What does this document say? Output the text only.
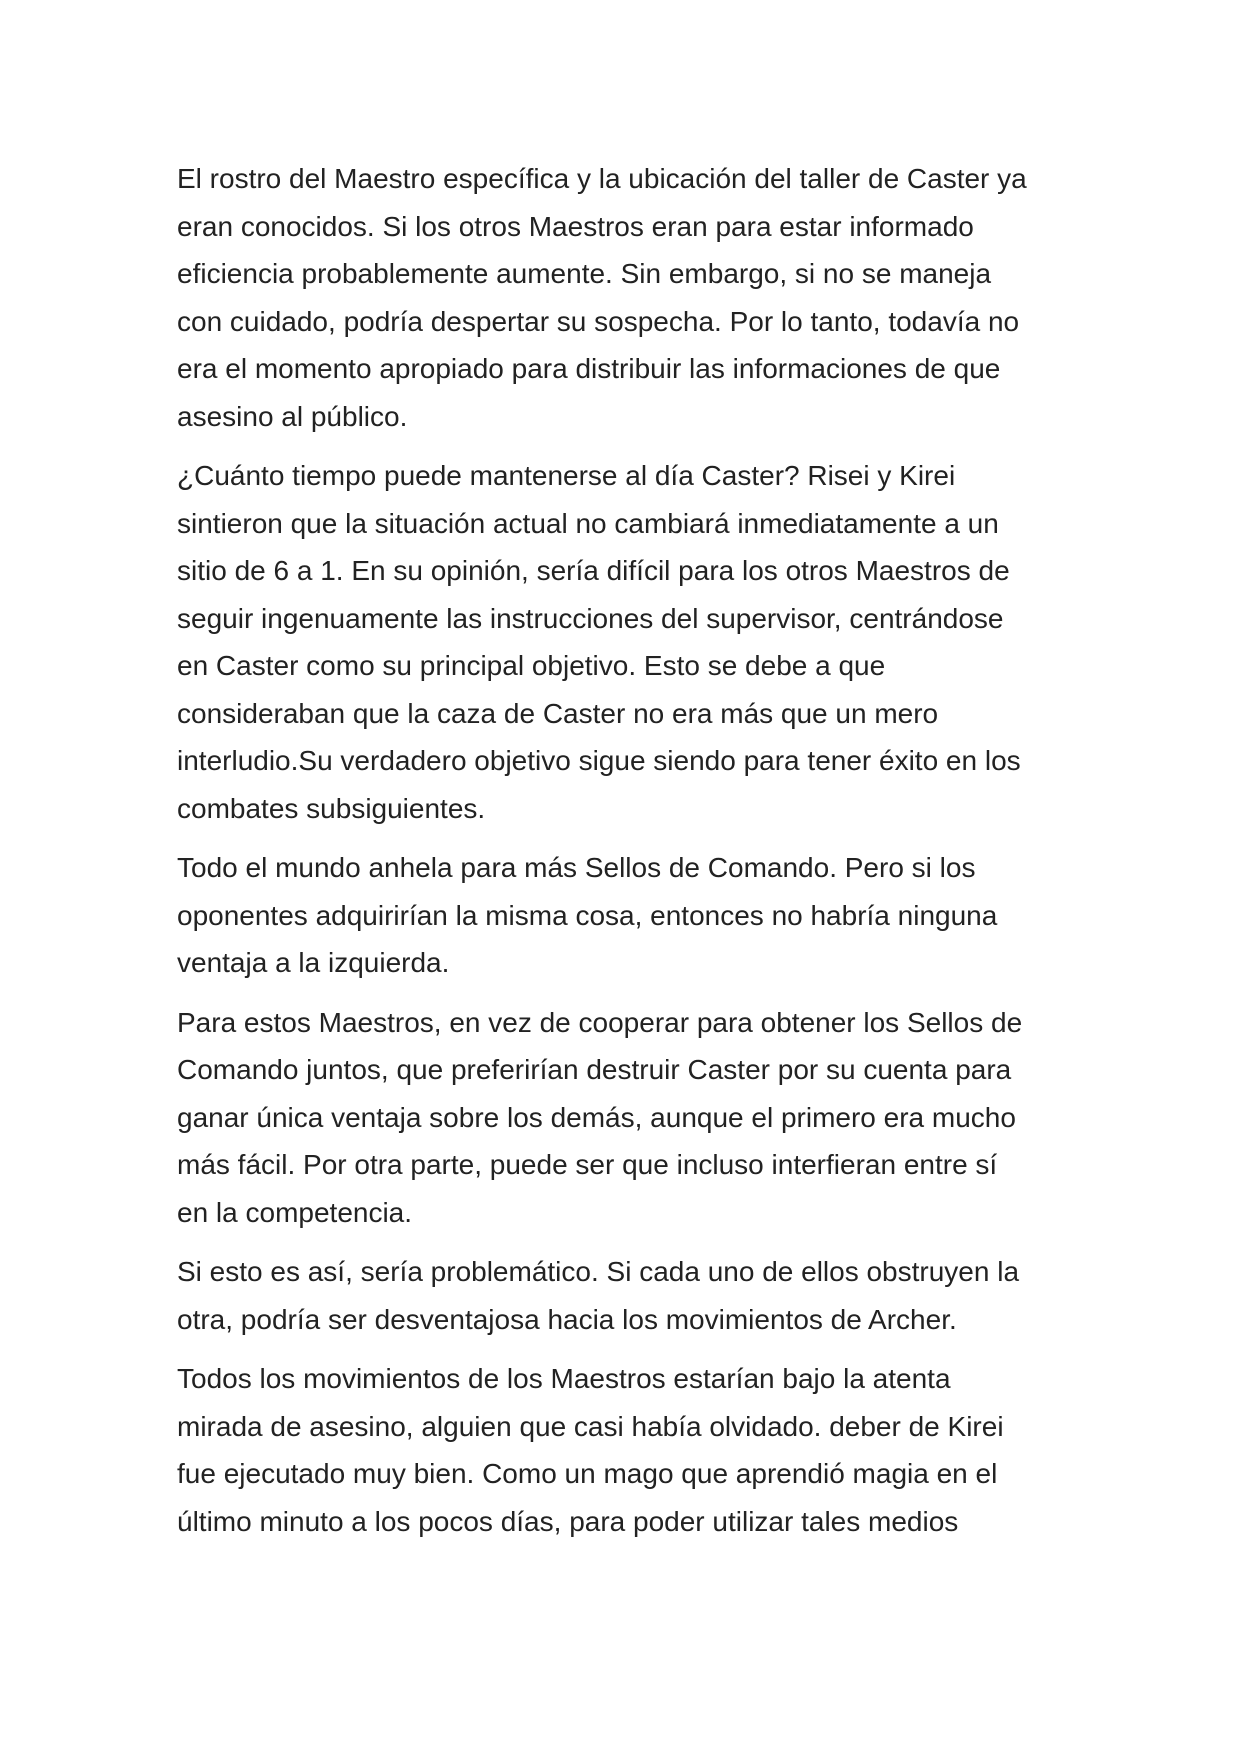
El rostro del Maestro específica y la ubicación del taller de Caster ya
eran conocidos. Si los otros Maestros eran para estar informado
eficiencia probablemente aumente. Sin embargo, si no se maneja
con cuidado, podría despertar su sospecha. Por lo tanto, todavía no
era el momento apropiado para distribuir las informaciones de que
asesino al público.

¿Cuánto tiempo puede mantenerse al día Caster? Risei y Kirei
sintieron que la situación actual no cambiará inmediatamente a un
sitio de 6 a 1. En su opinión, sería difícil para los otros Maestros de
seguir ingenuamente las instrucciones del supervisor, centrándose
en Caster como su principal objetivo. Esto se debe a que
consideraban que la caza de Caster no era más que un mero
interludio.Su verdadero objetivo sigue siendo para tener éxito en los
combates subsiguientes.

Todo el mundo anhela para más Sellos de Comando. Pero si los
oponentes adquirirían la misma cosa, entonces no habría ninguna
ventaja a la izquierda.

Para estos Maestros, en vez de cooperar para obtener los Sellos de
Comando juntos, que preferirían destruir Caster por su cuenta para
ganar única ventaja sobre los demás, aunque el primero era mucho
más fácil. Por otra parte, puede ser que incluso interfieran entre sí
en la competencia.

Si esto es así, sería problemático. Si cada uno de ellos obstruyen la
otra, podría ser desventajosa hacia los movimientos de Archer.

Todos los movimientos de los Maestros estarían bajo la atenta
mirada de asesino, alguien que casi había olvidado. deber de Kirei
fue ejecutado muy bien. Como un mago que aprendió magia en el
último minuto a los pocos días, para poder utilizar tales medios
